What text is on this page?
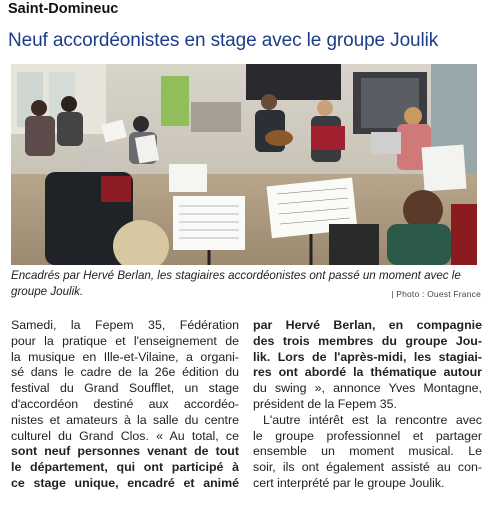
Saint-Domineuc
Neuf accordéonistes en stage avec le groupe Joulik
Encadrés par Hervé Berlan, les stagiaires accordéonistes ont passé un moment avec le groupe Joulik.	| Photo : Ouest France
Samedi, la Fepem 35, Fédération
pour la pratique et l'enseignement de
la musique en Ille-et-Vilaine, a organi-
sé dans le cadre de la 26e édition du
festival du Grand Soufflet, un stage
d'accordéon destiné aux accordéo-
nistes et amateurs à la salle du centre
culturel du Grand Clos. « Au total, ce
sont neuf personnes venant de tout
le département, qui ont participé à
ce stage unique, encadré et animé
par Hervé Berlan, en compagnie
des trois membres du groupe Jou-
lik. Lors de l'après-midi, les stagiai-
res ont abordé la thématique autour
du swing », annonce Yves Montagne,
président de la Fepem 35.
L'autre intérêt est la rencontre avec
le groupe professionnel et partager
ensemble un moment musical. Le
soir, ils ont également assisté au con-
cert interprété par le groupe Joulik.
